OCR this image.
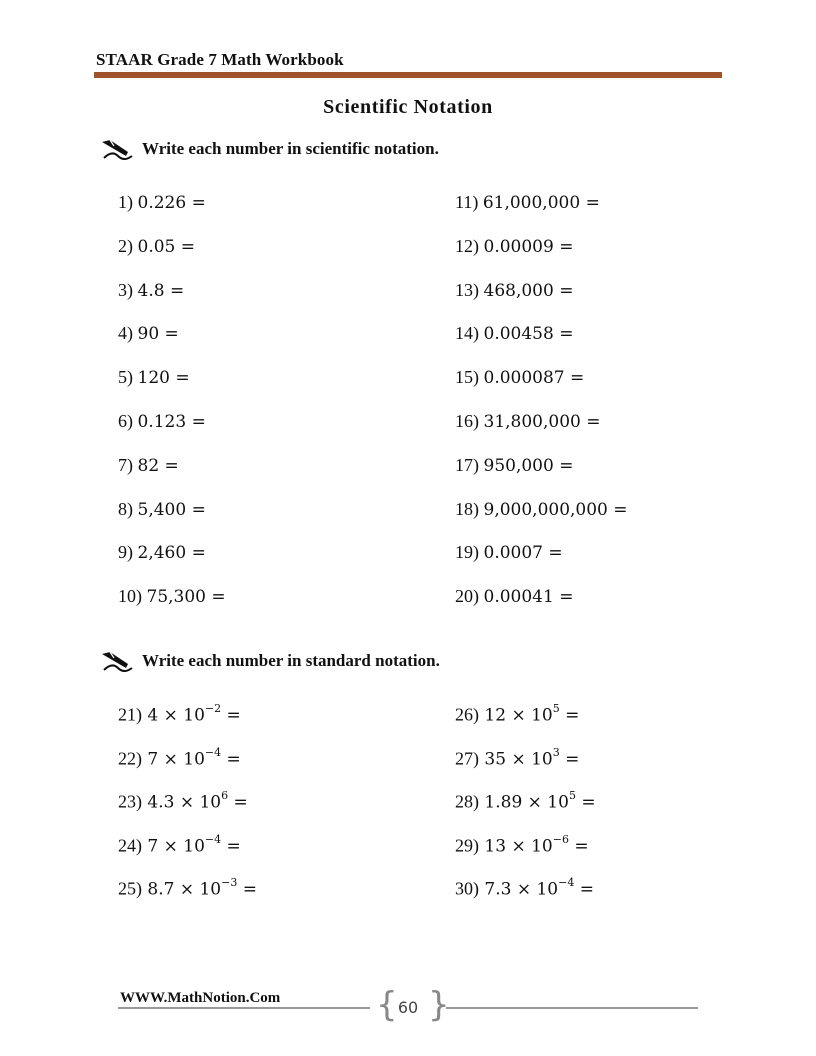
STAAR Grade 7 Math Workbook
Scientific Notation
Write each number in scientific notation.
Write each number in standard notation.
1) 0.226 =
2) 0.05 =
3) 4.8 =
4) 90 =
5) 120 =
6) 0.123 =
7) 82 =
8) 5,400 =
9) 2,460 =
10) 75,300 =
11) 61,000,000 =
12) 0.00009 =
13) 468,000 =
14) 0.00458 =
15) 0.000087 =
16) 31,800,000 =
17) 950,000 =
18) 9,000,000,000 =
19) 0.0007 =
20) 0.00041 =
21) $4 \times 10^{-2}$ =
22) $7 \times 10^{-4}$ =
23) $4.3 \times 10^6$ =
24) $7 \times 10^{-4}$ =
25) $8.7 \times 10^{-3}$ =
26) $12 \times 10^5$ =
27) $35 \times 10^3$ =
28) $1.89 \times 10^5$ =
29) $13 \times 10^{-6}$ =
30) $7.3 \times 10^{-4}$ =
WWW.MathNotion.Com	{ }
60
